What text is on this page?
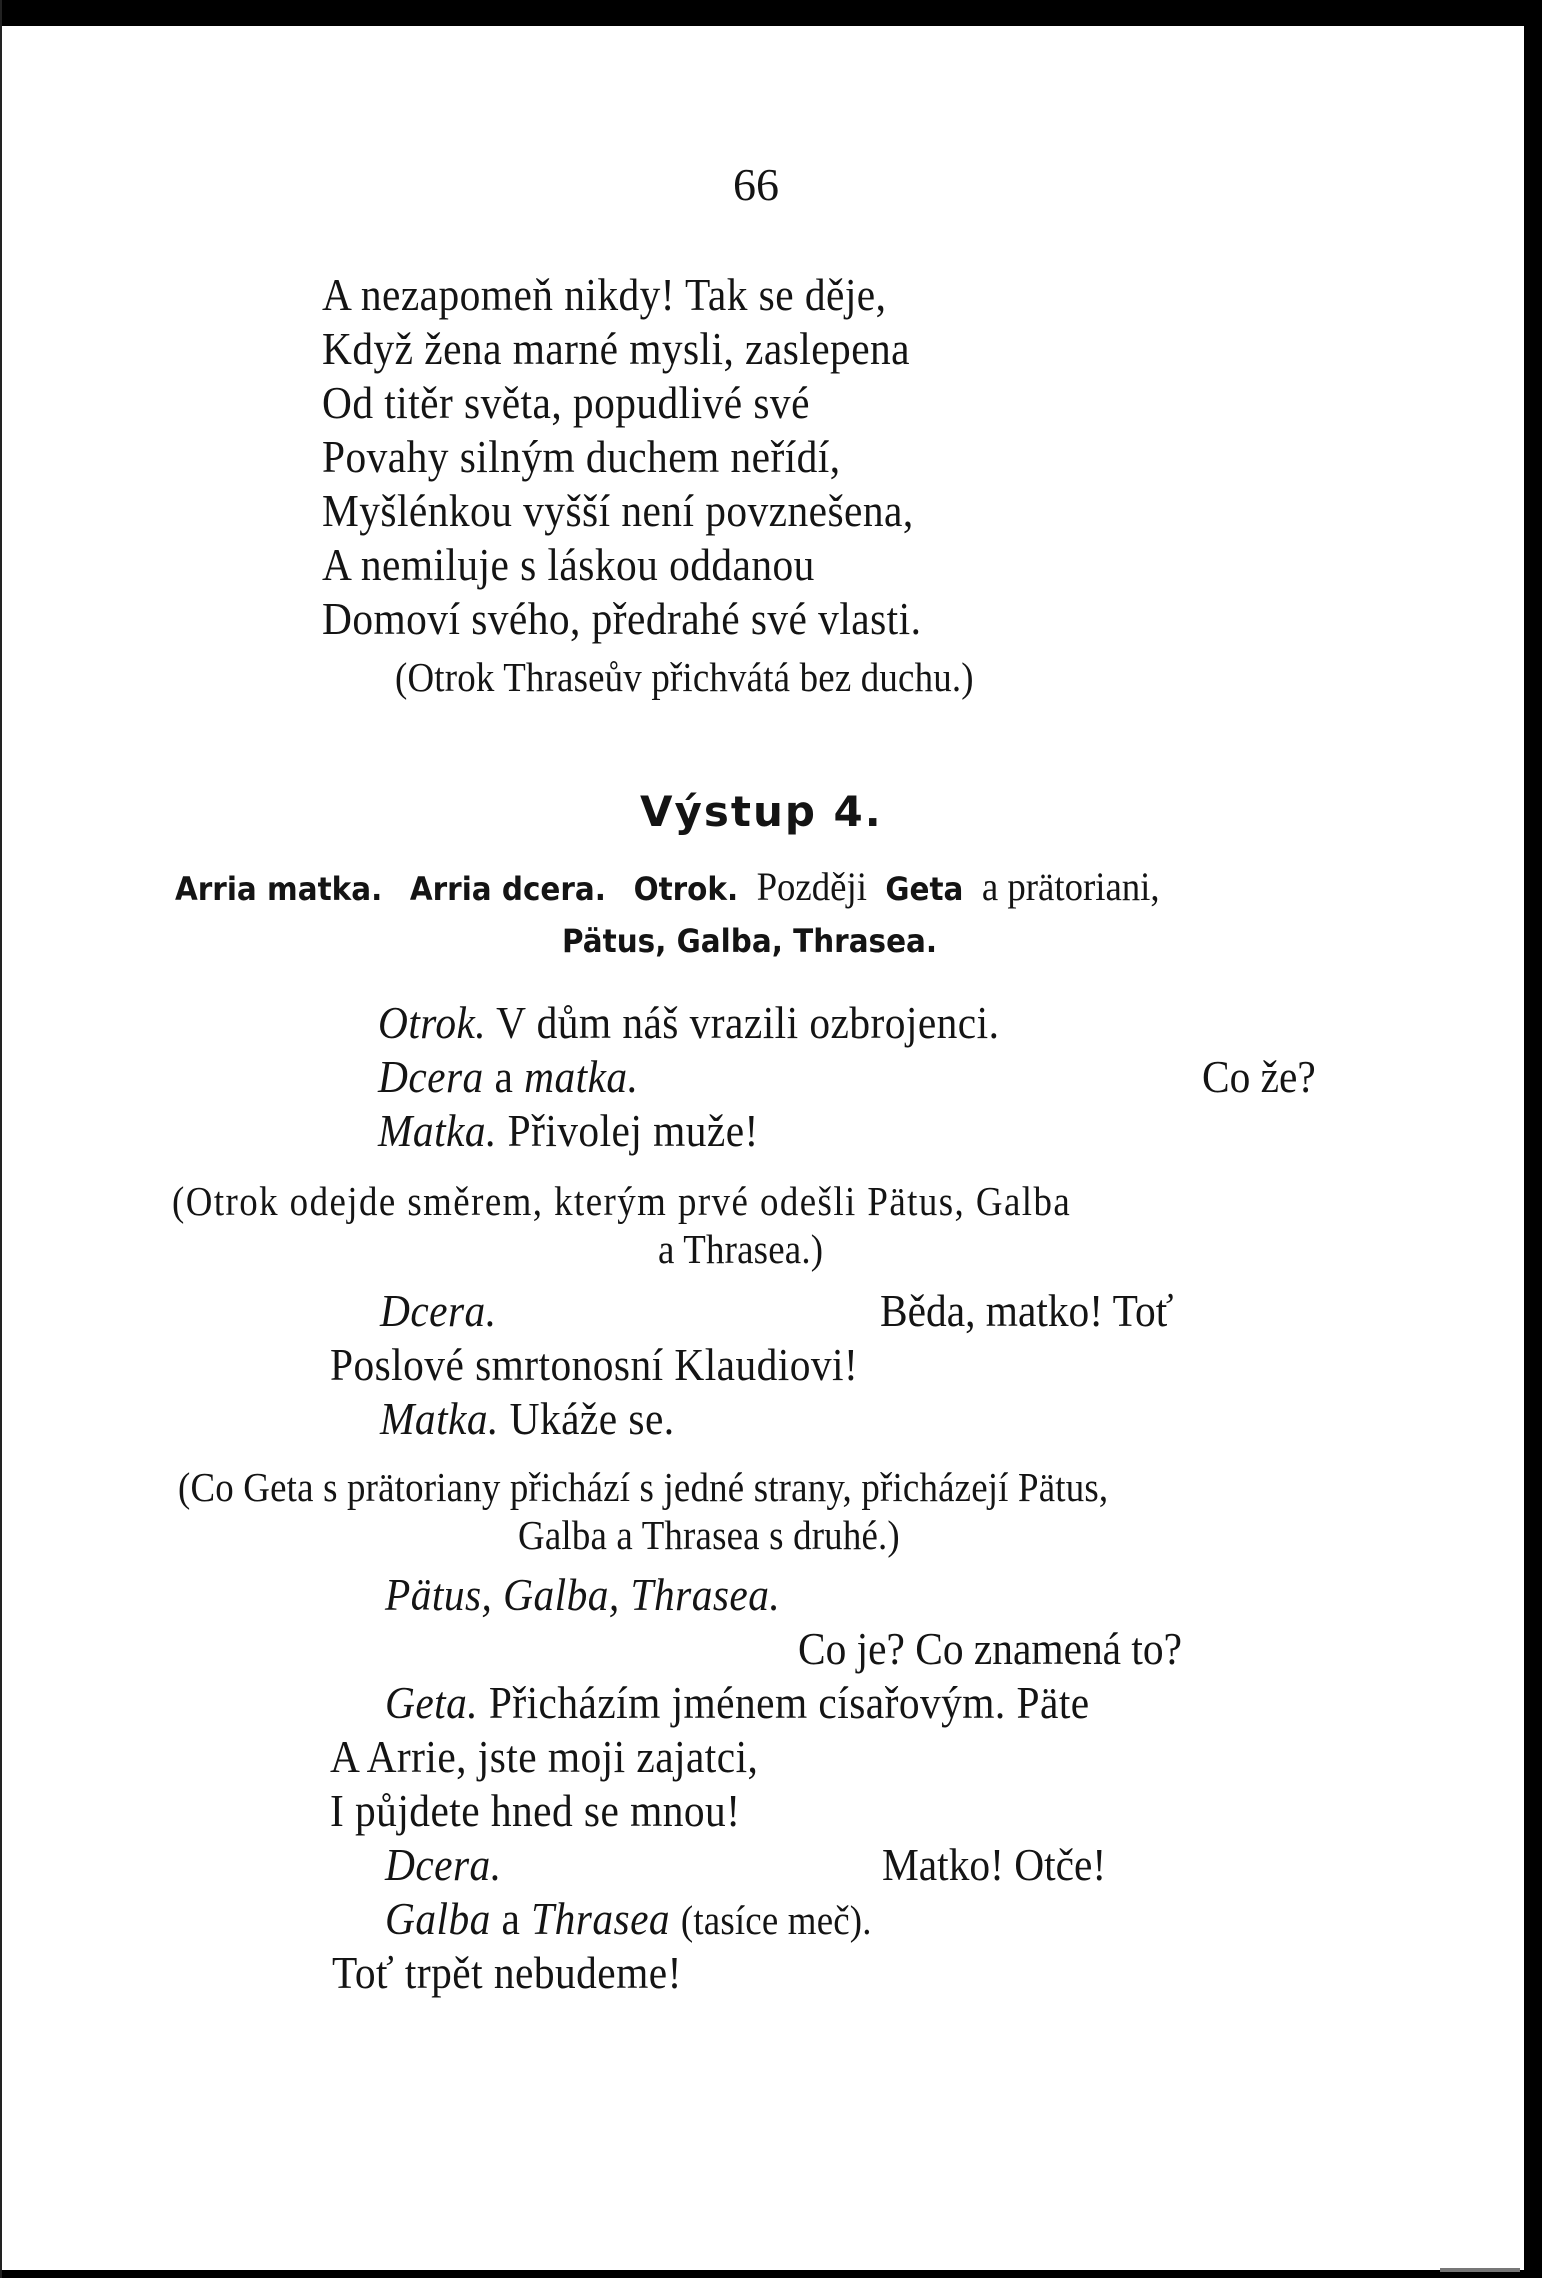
66
A nezapomeň nikdy! Tak se děje,
Když žena marné mysli, zaslepena
Od titěr světa, popudlivé své
Povahy silným duchem neřídí,
Myšlénkou vyšší není povznešena,
A nemiluje s láskou oddanou
Domoví svého, předrahé své vlasti.
(Otrok Thraseův přichvátá bez duchu.)
Výstup 4.
Arria matka. Arria dcera. Otrok. Později Geta a prätoriani,
Pätus, Galba, Thrasea.
Otrok. V dům náš vrazili ozbrojenci.
Dcera a matka.	Co že?
Matka. Přivolej muže!
(Otrok odejde směrem, kterým prvé odešli Pätus, Galba
a Thrasea.)
Dcera.	Běda, matko! Toť
Poslové smrtonosní Klaudiovi!
Matka. Ukáže se.
(Co Geta s prätoriany přichází s jedné strany, přicházejí Pätus,
Galba a Thrasea s druhé.)
Pätus, Galba, Thrasea.
Co je? Co znamená to?
Geta. Přicházím jménem císařovým. Päte
A Arrie, jste moji zajatci,
I půjdete hned se mnou!
Dcera.	Matko! Otče!
Galba a Thrasea (tasíce meč).
Toť trpět nebudeme!
